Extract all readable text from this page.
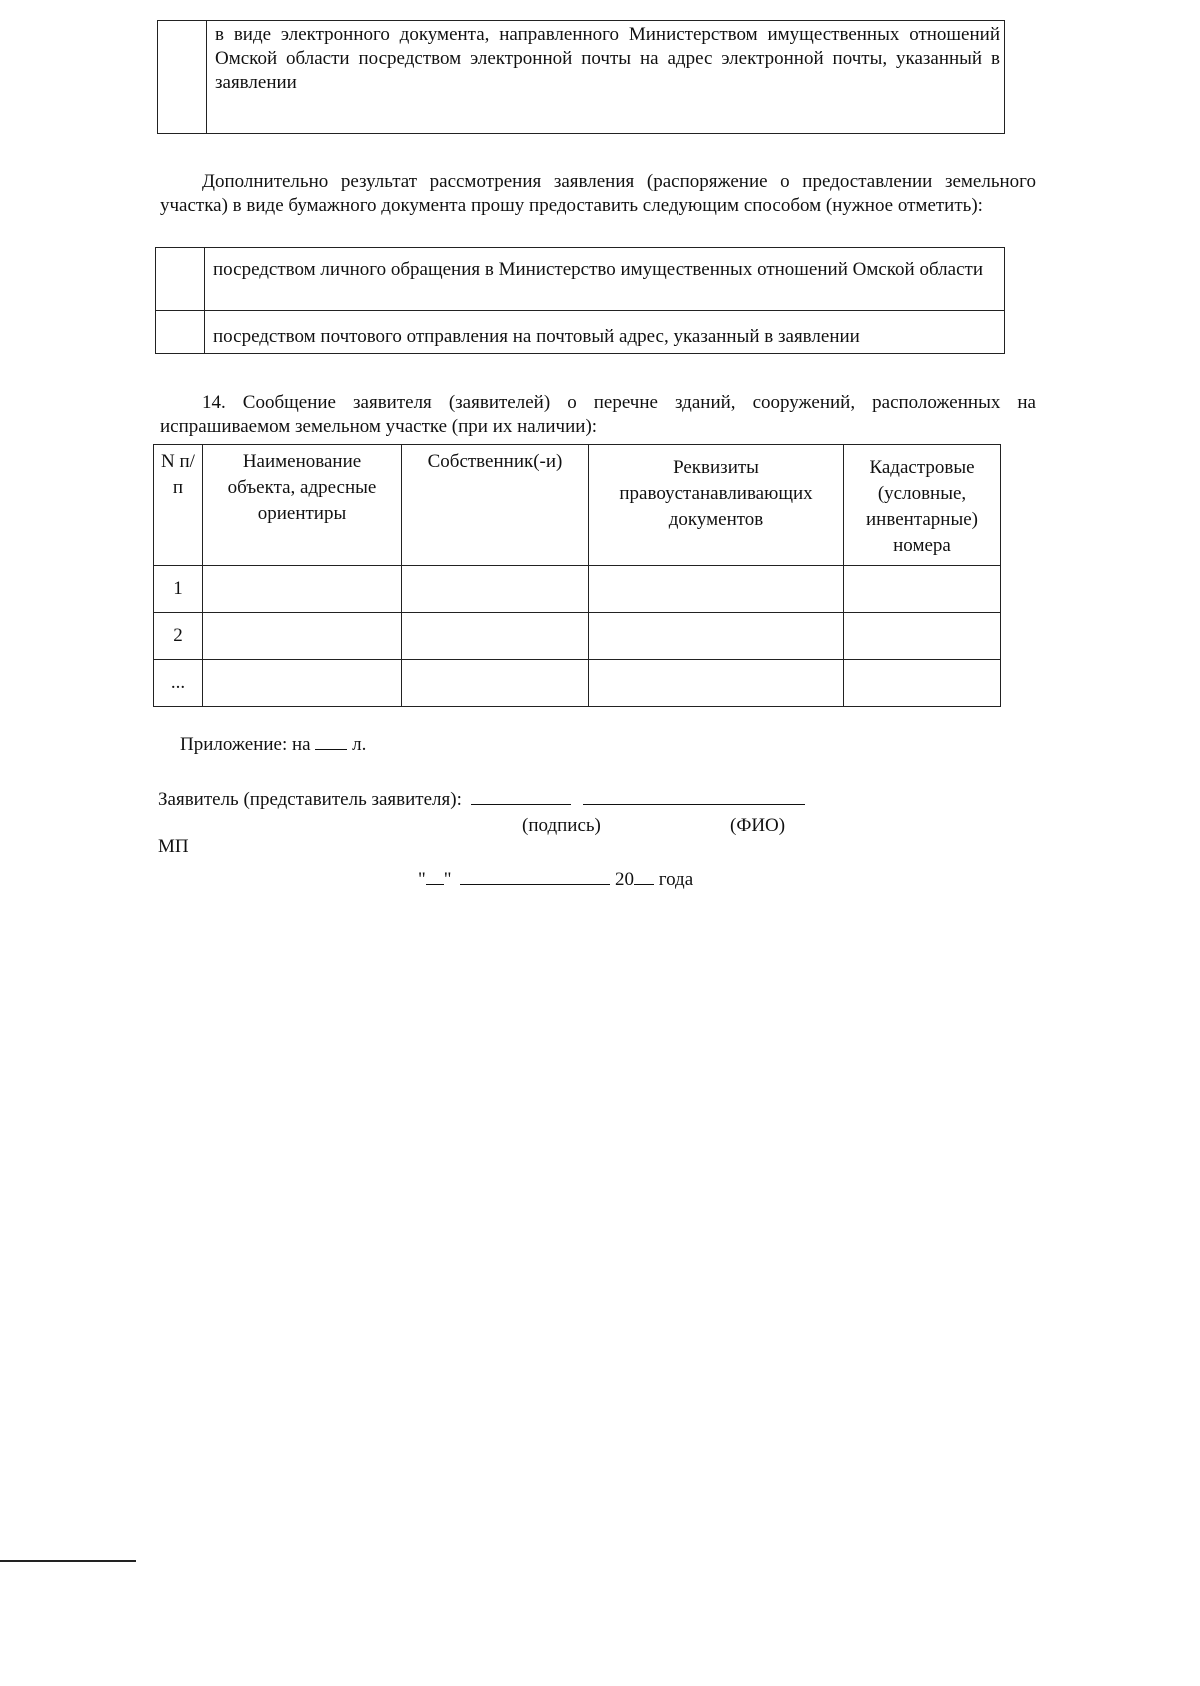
	в виде электронного документа, направленного Министерством имущественных отношений Омской области посредством электронной почты на адрес электронной почты, указанный в заявлении
Дополнительно результат рассмотрения заявления (распоряжение о предоставлении земельного участка) в виде бумажного документа прошу предоставить следующим способом (нужное отметить):
	посредством личного обращения в Министерство имущественных отношений Омской области
	посредством почтового отправления на почтовый адрес, указанный в заявлении
14. Сообщение заявителя (заявителей) о перечне зданий, сооружений, расположенных на испрашиваемом земельном участке (при их наличии):
N п/п	Наименование объекта, адресные ориентиры	Собственник(-и)	Реквизиты правоустанавливающих документов	Кадастровые (условные, инвентарные) номера
1				
2				
...				
Приложение: на л.
Заявитель (представитель заявителя):
(подпись)	(ФИО)
МП
" "	20 года
